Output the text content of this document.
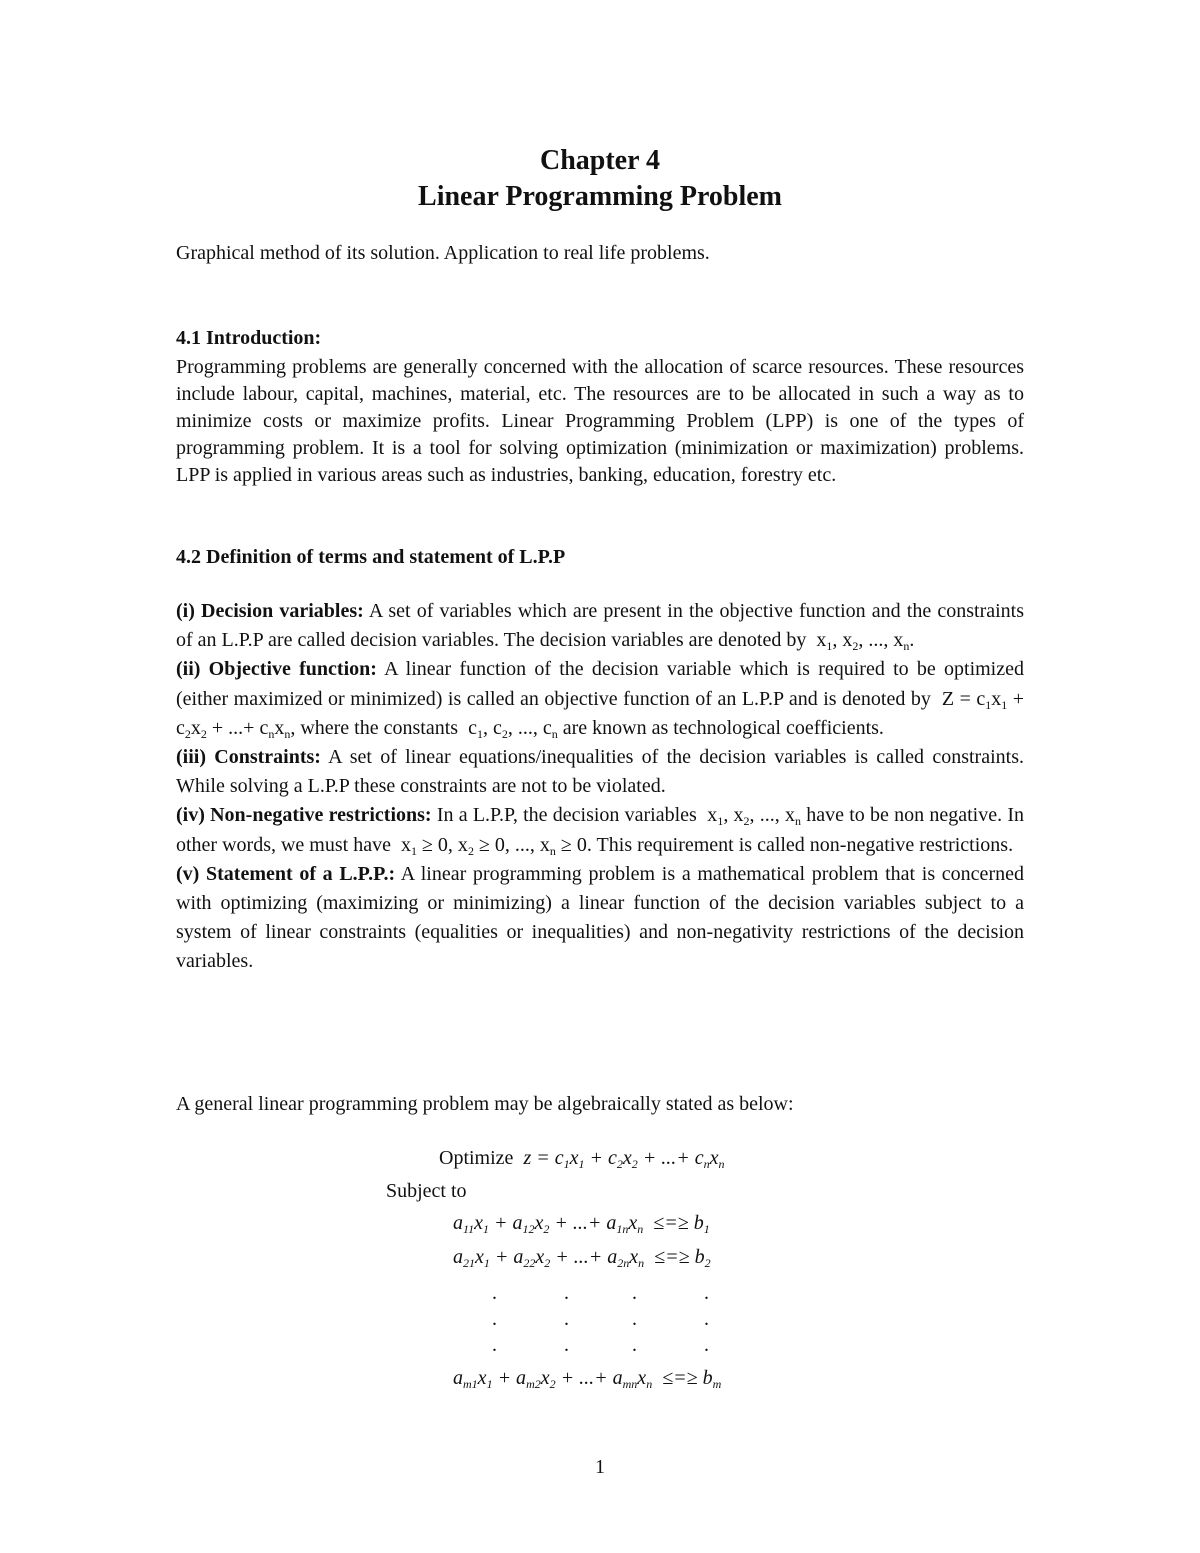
Chapter 4
Linear Programming Problem
Graphical method of its solution. Application to real life problems.
4.1 Introduction:
Programming problems are generally concerned with the allocation of scarce resources. These resources include labour, capital, machines, material, etc. The resources are to be allocated in such a way as to minimize costs or maximize profits. Linear Programming Problem (LPP) is one of the types of programming problem. It is a tool for solving optimization (minimization or maximization) problems. LPP is applied in various areas such as industries, banking, education, forestry etc.
4.2 Definition of terms and statement of L.P.P

(i) Decision variables: A set of variables which are present in the objective function and the constraints of an L.P.P are called decision variables. The decision variables are denoted by  $x_1$, $x_2$, ..., $x_n$.

(ii) Objective function: A linear function of the decision variable which is required to be optimized (either maximized or minimized) is called an objective function of an L.P.P and is denoted by  $Z = c_1x_1 + c_2x_2$ + ...+ $c_nx_n$, where the constants  $c_1$, $c_2$, ..., $c_n$ are known as technological coefficients.

(iii) Constraints: A set of linear equations/inequalities of the decision variables is called constraints. While solving a L.P.P these constraints are not to be violated.

(iv) Non-negative restrictions: In a L.P.P, the decision variables  $x_1$, $x_2$, ..., $x_n$ have to be non negative. In other words, we must have  $x_1 \ge 0$, $x_2 \ge 0$, ..., $x_n \ge 0$. This requirement is called non-negative restrictions.

(v) Statement of a L.P.P.: A linear programming problem is a mathematical problem that is concerned with optimizing (maximizing or minimizing) a linear function of the decision variables subject to a system of linear constraints (equalities or inequalities) and non-negativity restrictions of the decision variables.

A general linear programming problem may be algebraically stated as below:
Optimize  $z = c_1x_1 + c_2x_2$ + ...+ $c_nx_n$
Subject to
$a_{11}x_1 + a_{12}x_2$ + ...+ $a_{1n}x_n$  ≤=≥ $b_1$
$a_{21}x_1 + a_{22}x_2$ + ...+ $a_{2n}x_n$  ≤=≥ $b_2$
.	.	.	.
.	.	.	.
.	.	.	.
$a_{m1}x_1 + a_{m2}x_2$ + ...+ $a_{mn}x_n$  ≤=≥ $b_m$
1
